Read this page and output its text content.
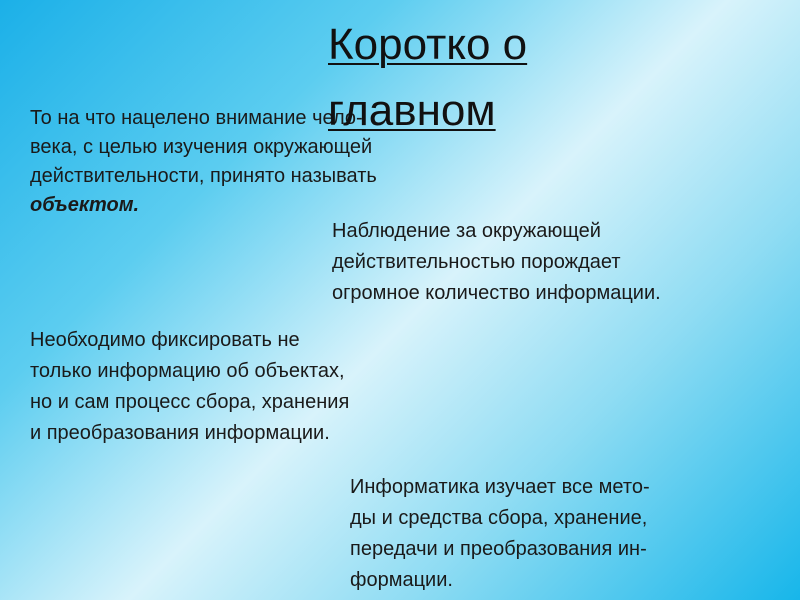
Коротко о главном
То на что нацелено внимание чело-
века, с целью изучения окружающей
действительности, принято называть
объектом.
Наблюдение за окружающей
действительностью порождает
огромное количество информации.
Необходимо фиксировать не
только информацию об объектах,
но и сам процесс сбора, хранения
и преобразования информации.
Информатика изучает все мето-
ды и средства сбора, хранение,
передачи и преобразования ин-
формации.
